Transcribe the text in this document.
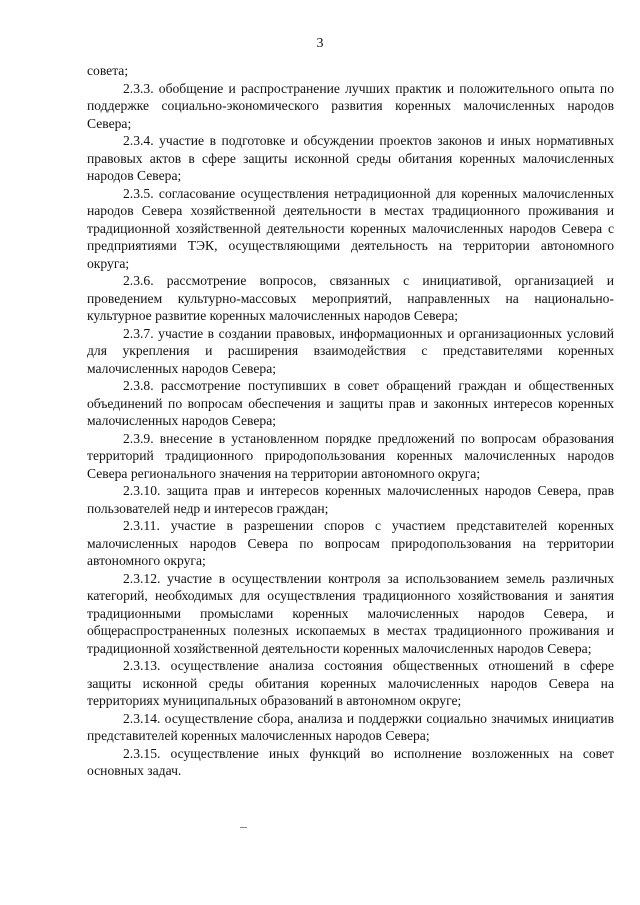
3

совета;

2.3.3. обобщение и распространение лучших практик и положительного опыта по поддержке социально-экономического развития коренных малочисленных народов Севера;

2.3.4. участие в подготовке и обсуждении проектов законов и иных нормативных правовых актов в сфере защиты исконной среды обитания коренных малочисленных народов Севера;

2.3.5. согласование осуществления нетрадиционной для коренных малочисленных народов Севера хозяйственной деятельности в местах традиционного проживания и традиционной хозяйственной деятельности коренных малочисленных народов Севера с предприятиями ТЭК, осуществляющими деятельность на территории автономного округа;

2.3.6. рассмотрение вопросов, связанных с инициативой, организацией и проведением культурно-массовых мероприятий, направленных на национально-культурное развитие коренных малочисленных народов Севера;

2.3.7. участие в создании правовых, информационных и организационных условий для укрепления и расширения взаимодействия с представителями коренных малочисленных народов Севера;

2.3.8. рассмотрение поступивших в совет обращений граждан и общественных объединений по вопросам обеспечения и защиты прав и законных интересов коренных малочисленных народов Севера;

2.3.9. внесение в установленном порядке предложений по вопросам образования территорий традиционного природопользования коренных малочисленных народов Севера регионального значения на территории автономного округа;

2.3.10. защита прав и интересов коренных малочисленных народов Севера, прав пользователей недр и интересов граждан;

2.3.11. участие в разрешении споров с участием представителей коренных малочисленных народов Севера по вопросам природопользования на территории автономного округа;

2.3.12. участие в осуществлении контроля за использованием земель различных категорий, необходимых для осуществления традиционного хозяйствования и занятия традиционными промыслами коренных малочисленных народов Севера, и общераспространенных полезных ископаемых в местах традиционного проживания и традиционной хозяйственной деятельности коренных малочисленных народов Севера;

2.3.13. осуществление анализа состояния общественных отношений в сфере защиты исконной среды обитания коренных малочисленных народов Севера на территориях муниципальных образований в автономном округе;

2.3.14. осуществление сбора, анализа и поддержки социально значимых инициатив представителей коренных малочисленных народов Севера;

2.3.15. осуществление иных функций во исполнение возложенных на совет основных задач.
